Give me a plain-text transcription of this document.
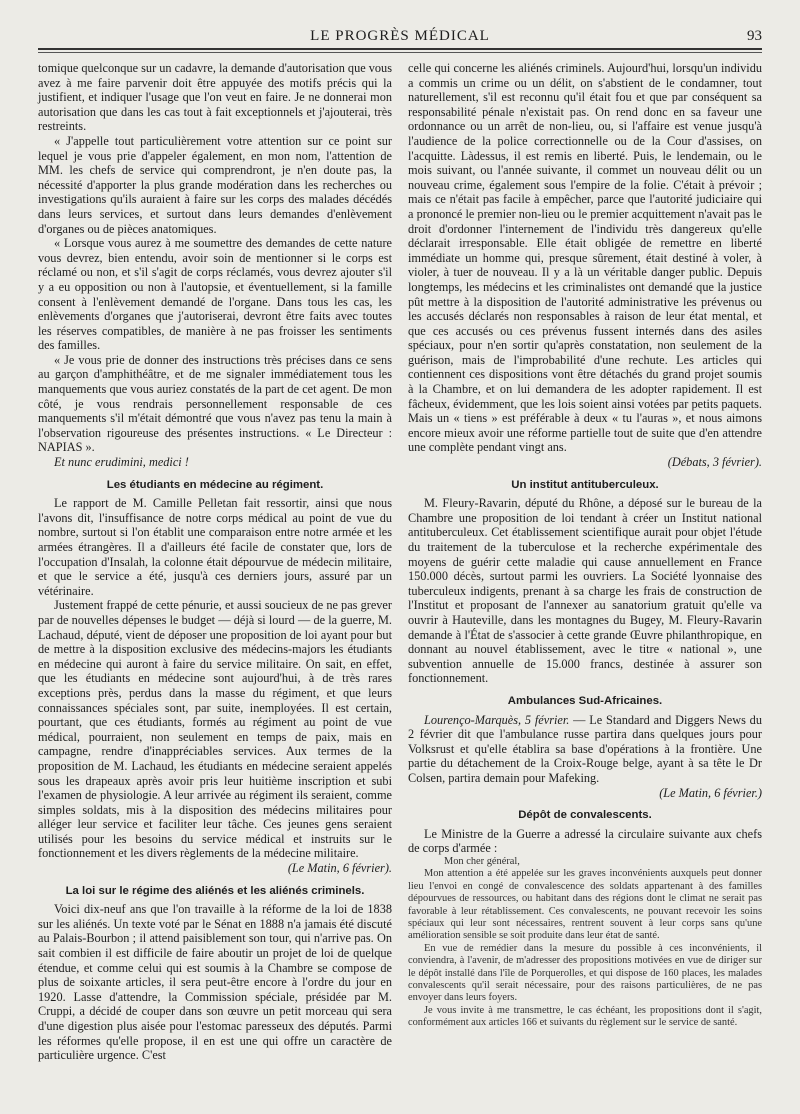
LE PROGRÈS MÉDICAL	93

tomique quelconque sur un cadavre, la demande d'autorisation que vous avez à me faire parvenir doit être appuyée des motifs précis qui la justifient, et indiquer l'usage que l'on veut en faire. Je ne donnerai mon autorisation que dans les cas tout à fait exceptionnels et j'ajouterai, très restreints.

« J'appelle tout particulièrement votre attention sur ce point sur lequel je vous prie d'appeler également, en mon nom, l'attention de MM. les chefs de service qui comprendront, je n'en doute pas, la nécessité d'apporter la plus grande modération dans les recherches ou investigations qu'ils auraient à faire sur les corps des malades décédés dans leurs services, et surtout dans leurs demandes d'enlèvement d'organes ou de pièces anatomiques.

« Lorsque vous aurez à me soumettre des demandes de cette nature vous devrez, bien entendu, avoir soin de mentionner si le corps est réclamé ou non, et s'il s'agit de corps réclamés, vous devrez ajouter s'il y a eu opposition ou non à l'autopsie, et éventuellement, si la famille consent à l'enlèvement demandé de l'organe. Dans tous les cas, les enlèvements d'organes que j'autoriserai, devront être faits avec toutes les réserves compatibles, de manière à ne pas froisser les sentiments des familles.

« Je vous prie de donner des instructions très précises dans ce sens au garçon d'amphithéâtre, et de me signaler immédiatement tous les manquements que vous auriez constatés de la part de cet agent. De mon côté, je vous rendrais personnellement responsable de ces manquements s'il m'était démontré que vous n'avez pas tenu la main à l'observation rigoureuse des présentes instructions. « Le Directeur : NAPIAS ».

Et nunc erudimini, medici !

Les étudiants en médecine au régiment.

Le rapport de M. Camille Pelletan fait ressortir, ainsi que nous l'avons dit, l'insuffisance de notre corps médical au point de vue du nombre, surtout si l'on établit une comparaison entre notre armée et les armées étrangères. Il a d'ailleurs été facile de constater que, lors de l'occupation d'Insalah, la colonne était dépourvue de médecin militaire, et que le service a été, jusqu'à ces derniers jours, assuré par un vétérinaire.

Justement frappé de cette pénurie, et aussi soucieux de ne pas grever par de nouvelles dépenses le budget — déjà si lourd — de la guerre, M. Lachaud, député, vient de déposer une proposition de loi ayant pour but de mettre à la disposition exclusive des médecins-majors les étudiants en médecine qui auront à faire du service militaire. On sait, en effet, que les étudiants en médecine sont aujourd'hui, à de très rares exceptions près, perdus dans la masse du régiment, et que leurs connaissances spéciales sont, par suite, inemployées. Il est certain, pourtant, que ces étudiants, formés au régiment au point de vue médical, pourraient, non seulement en temps de paix, mais en campagne, rendre d'inappréciables services. Aux termes de la proposition de M. Lachaud, les étudiants en médecine seraient appelés sous les drapeaux après avoir pris leur huitième inscription et subi l'examen de physiologie. A leur arrivée au régiment ils seraient, comme simples soldats, mis à la disposition des médecins militaires pour alléger leur service et faciliter leur tâche. Ces jeunes gens seraient utilisés pour les besoins du service médical et instruits sur le fonctionnement et les divers règlements de la médecine militaire.

(Le Matin, 6 février).
La loi sur le régime des aliénés et les aliénés criminels.

Voici dix-neuf ans que l'on travaille à la réforme de la loi de 1838 sur les aliénés. Un texte voté par le Sénat en 1888 n'a jamais été discuté au Palais-Bourbon ; il attend paisiblement son tour, qui n'arrive pas. On sait combien il est difficile de faire aboutir un projet de loi de quelque étendue, et comme celui qui est soumis à la Chambre se compose de plus de soixante articles, il sera peut-être encore à l'ordre du jour en 1920. Lasse d'attendre, la Commission spéciale, présidée par M. Cruppi, a décidé de couper dans son œuvre un petit morceau qui sera d'une digestion plus aisée pour l'estomac paresseux des députés. Parmi les réformes qu'elle propose, il en est une qui offre un caractère de particulière urgence. C'est

celle qui concerne les aliénés criminels. Aujourd'hui, lorsqu'un individu a commis un crime ou un délit, on s'abstient de le condamner, tout naturellement, s'il est reconnu qu'il était fou et que par conséquent sa responsabilité pénale n'existait pas. On rend donc en sa faveur une ordonnance ou un arrêt de non-lieu, ou, si l'affaire est venue jusqu'à l'audience de la police correctionnelle ou de la Cour d'assises, on l'acquitte. Làdessus, il est remis en liberté. Puis, le lendemain, ou le mois suivant, ou l'année suivante, il commet un nouveau délit ou un nouveau crime, également sous l'empire de la folie. C'était à prévoir ; mais ce n'était pas facile à empêcher, parce que l'autorité judiciaire qui a prononcé le premier non-lieu ou le premier acquittement n'avait pas le droit d'ordonner l'internement de l'individu très dangereux qu'elle déclarait irresponsable. Elle était obligée de remettre en liberté immédiate un homme qui, presque sûrement, était destiné à voler, à violer, à tuer de nouveau. Il y a là un véritable danger public. Depuis longtemps, les médecins et les criminalistes ont demandé que la justice pût mettre à la disposition de l'autorité administrative les prévenus ou les accusés déclarés non responsables à raison de leur état mental, et que ces accusés ou ces prévenus fussent internés dans des asiles spéciaux, pour n'en sortir qu'après constatation, non seulement de la guérison, mais de l'improbabilité d'une rechute. Les articles qui contiennent ces dispositions vont être détachés du grand projet soumis à la Chambre, et on lui demandera de les adopter rapidement. Il est fâcheux, évidemment, que les lois soient ainsi votées par petits paquets. Mais un « tiens » est préférable à deux « tu l'auras », et nous aimons encore mieux avoir une réforme partielle tout de suite que d'en attendre une complète pendant vingt ans.

(Débats, 3 février).
Un institut antituberculeux.

M. Fleury-Ravarin, député du Rhône, a déposé sur le bureau de la Chambre une proposition de loi tendant à créer un Institut national antituberculeux. Cet établissement scientifique aurait pour objet l'étude du traitement de la tuberculose et la recherche expérimentale des moyens de guérir cette maladie qui cause annuellement en France 150.000 décès, surtout parmi les ouvriers. La Société lyonnaise des tuberculeux indigents, prenant à sa charge les frais de construction de l'Institut et proposant de l'annexer au sanatorium gratuit qu'elle va ouvrir à Hauteville, dans les montagnes du Bugey, M. Fleury-Ravarin demande à l'État de s'associer à cette grande Œuvre philanthropique, en donnant au nouvel établissement, avec le titre « national », une subvention annuelle de 15.000 francs, destinée à assurer son fonctionnement.

Ambulances Sud-Africaines.

Lourenço-Marquès, 5 février. — Le Standard and Diggers News du 2 février dit que l'ambulance russe partira dans quelques jours pour Volksrust et qu'elle établira sa base d'opérations à la frontière. Une partie du détachement de la Croix-Rouge belge, ayant à sa tête le Dr Colsen, partira demain pour Mafeking.

(Le Matin, 6 février.)
Dépôt de convalescents.

Le Ministre de la Guerre a adressé la circulaire suivante aux chefs de corps d'armée :

Mon cher général,

Mon attention a été appelée sur les graves inconvénients auxquels peut donner lieu l'envoi en congé de convalescence des soldats appartenant à des familles dépourvues de ressources, ou habitant dans des régions dont le climat ne serait pas favorable à leur rétablissement. Ces convalescents, ne pouvant recevoir les soins spéciaux qui leur sont nécessaires, rentrent souvent à leur corps sans qu'une amélioration sensible se soit produite dans leur état de santé.

En vue de remédier dans la mesure du possible à ces inconvénients, il conviendra, à l'avenir, de m'adresser des propositions motivées en vue de diriger sur le dépôt installé dans l'île de Porquerolles, et qui dispose de 160 places, les malades convalescents qu'il serait nécessaire, pour des raisons particulières, de ne pas envoyer dans leurs foyers.

Je vous invite à me transmettre, le cas échéant, les propositions dont il s'agit, conformément aux articles 166 et suivants du règlement sur le service de santé.
